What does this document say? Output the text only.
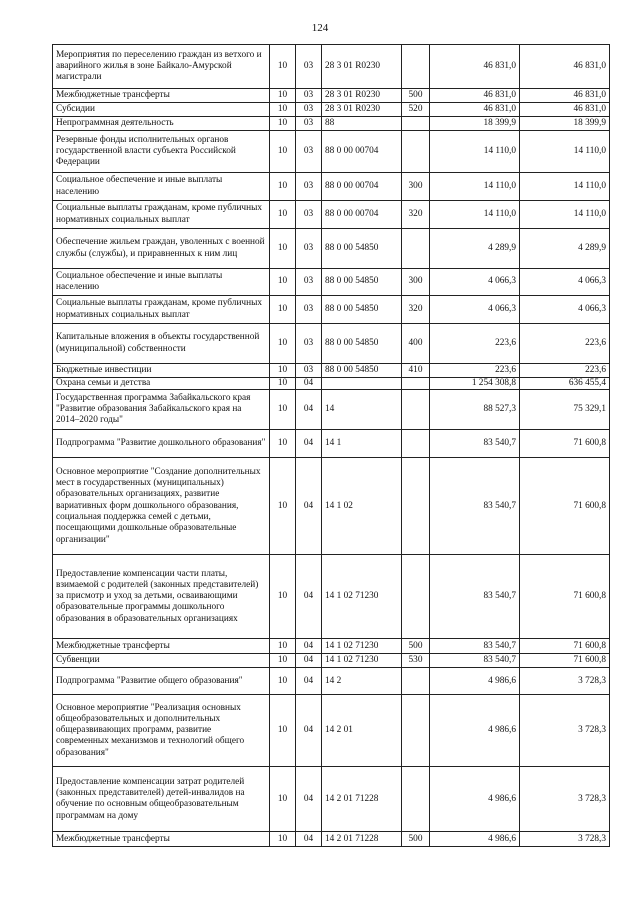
124
Мероприятия по переселению граждан из ветхого и аварийного жилья в зоне Байкало-Амурской магистрали	10	03	28 3 01 R0230		46 831,0	46 831,0
Межбюджетные трансферты	10	03	28 3 01 R0230	500	46 831,0	46 831,0
Субсидии	10	03	28 3 01 R0230	520	46 831,0	46 831,0
Непрограммная деятельность	10	03	88		18 399,9	18 399,9
Резервные фонды исполнительных органов государственной власти субъекта Российской Федерации	10	03	88 0 00 00704		14 110,0	14 110,0
Социальное обеспечение и иные выплаты населению	10	03	88 0 00 00704	300	14 110,0	14 110,0
Социальные выплаты гражданам, кроме публичных нормативных социальных выплат	10	03	88 0 00 00704	320	14 110,0	14 110,0
Обеспечение жильем граждан, уволенных с военной службы (службы), и приравненных к ним лиц	10	03	88 0 00 54850		4 289,9	4 289,9
Социальное обеспечение и иные выплаты населению	10	03	88 0 00 54850	300	4 066,3	4 066,3
Социальные выплаты гражданам, кроме публичных нормативных социальных выплат	10	03	88 0 00 54850	320	4 066,3	4 066,3
Капитальные вложения в объекты государственной (муниципальной) собственности	10	03	88 0 00 54850	400	223,6	223,6
Бюджетные инвестиции	10	03	88 0 00 54850	410	223,6	223,6
Охрана семьи и детства	10	04			1 254 308,8	636 455,4
Государственная программа Забайкальского края "Развитие образования Забайкальского края на 2014–2020 годы"	10	04	14		88 527,3	75 329,1
Подпрограмма "Развитие дошкольного образования"	10	04	14 1		83 540,7	71 600,8
Основное мероприятие "Создание дополнительных мест в государственных (муниципальных) образовательных организациях, развитие вариативных форм дошкольного образования, социальная поддержка семей с детьми, посещающими дошкольные образовательные организации"	10	04	14 1 02		83 540,7	71 600,8
Предоставление компенсации части платы, взимаемой с родителей (законных представителей) за присмотр и уход за детьми, осваивающими образовательные программы дошкольного образования в образовательных организациях	10	04	14 1 02 71230		83 540,7	71 600,8
Межбюджетные трансферты	10	04	14 1 02 71230	500	83 540,7	71 600,8
Субвенции	10	04	14 1 02 71230	530	83 540,7	71 600,8
Подпрограмма "Развитие общего образования"	10	04	14 2		4 986,6	3 728,3
Основное мероприятие "Реализация основных общеобразовательных и дополнительных общеразвивающих программ, развитие современных механизмов и технологий общего образования"	10	04	14 2 01		4 986,6	3 728,3
Предоставление компенсации затрат родителей (законных представителей) детей-инвалидов на обучение по основным общеобразовательным программам на дому	10	04	14 2 01 71228		4 986,6	3 728,3
Межбюджетные трансферты	10	04	14 2 01 71228	500	4 986,6	3 728,3
